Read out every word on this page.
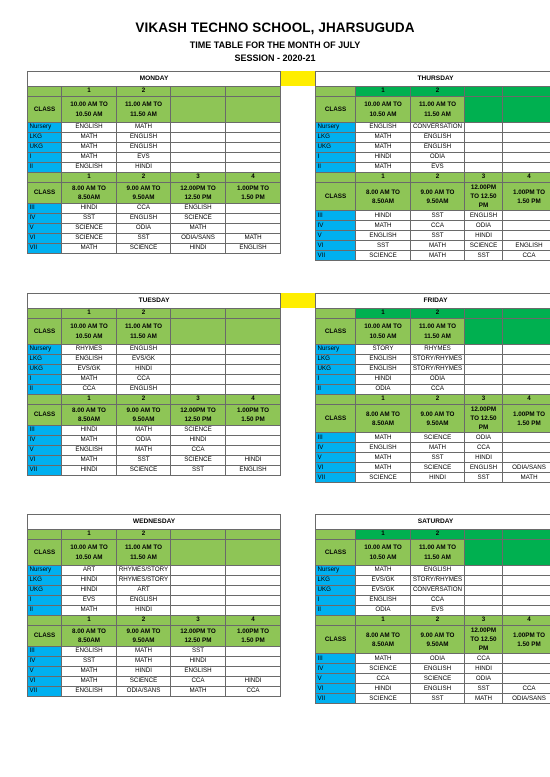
VIKASH TECHNO SCHOOL, JHARSUGUDA
TIME TABLE FOR THE MONTH OF JULY
SESSION - 2020-21
MONDAY				
	1	2		
CLASS	10.00 AM TO
10.50 AM	11.00 AM TO
11.50 AM		

Nursery	ENGLISH	MATH		
LKG	MATH	ENGLISH		
UKG	MATH	ENGLISH		
I	MATH	EVS		
II	ENGLISH	HINDI		
	1	2	3	4
CLASS	8.00 AM TO
8.50AM	9.00 AM TO
9.50AM	12.00PM TO
12.50 PM	1.00PM TO
1.50 PM

III	HINDI	CCA	ENGLISH	
IV	SST	ENGLISH	SCIENCE	
V	SCIENCE	ODIA	MATH	
VI	SCIENCE	SST	ODIA/SANS	MATH
VII	MATH	SCIENCE	HINDI	ENGLISH
THURSDAY				
	1	2		
CLASS	10.00 AM TO
10.50 AM	11.00 AM TO
11.50 AM		

Nursery	ENGLISH	CONVERSATION		
LKG	MATH	ENGLISH		
UKG	MATH	ENGLISH		
I	HINDI	ODIA		
II	MATH	EVS		
	1	2	3	4
CLASS	8.00 AM TO
8.50AM	9.00 AM TO
9.50AM	12.00PM
TO 12.50
PM	1.00PM TO
1.50 PM

III	HINDI	SST	ENGLISH	
IV	MATH	CCA	ODIA	
V	ENGLISH	SST	HINDI	
VI	SST	MATH	SCIENCE	ENGLISH
VII	SCIENCE	MATH	SST	CCA
TUESDAY				
	1	2		
CLASS	10.00 AM TO
10.50 AM	11.00 AM TO
11.50 AM		

Nursery	RHYMES	ENGLISH		
LKG	ENGLISH	EVS/GK		
UKG	EVS/GK	HINDI		
I	MATH	CCA		
II	CCA	ENGLISH		
	1	2	3	4
CLASS	8.00 AM TO
8.50AM	9.00 AM TO
9.50AM	12.00PM TO
12.50 PM	1.00PM TO
1.50 PM

III	HINDI	MATH	SCIENCE	
IV	MATH	ODIA	HINDI	
V	ENGLISH	MATH	CCA	
VI	MATH	SST	SCIENCE	HINDI
VII	HINDI	SCIENCE	SST	ENGLISH
FRIDAY				
	1	2		
CLASS	10.00 AM TO
10.50 AM	11.00 AM TO
11.50 AM		

Nursery	STORY	RHYMES		
LKG	ENGLISH	STORY/RHYMES		
UKG	ENGLISH	STORY/RHYMES		
I	HINDI	ODIA		
II	ODIA	CCA		
	1	2	3	4
CLASS	8.00 AM TO
8.50AM	9.00 AM TO
9.50AM	12.00PM
TO 12.50
PM	1.00PM TO
1.50 PM

III	MATH	SCIENCE	ODIA	
IV	ENGLISH	MATH	CCA	
V	MATH	SST	HINDI	
VI	MATH	SCIENCE	ENGLISH	ODIA/SANS
VII	SCIENCE	HINDI	SST	MATH
WEDNESDAY				
	1	2		
CLASS	10.00 AM TO
10.50 AM	11.00 AM TO
11.50 AM		

Nursery	ART	RHYMES/STORY		
LKG	HINDI	RHYMES/STORY		
UKG	HINDI	ART		
I	EVS	ENGLISH		
II	MATH	HINDI		
	1	2	3	4
CLASS	8.00 AM TO
8.50AM	9.00 AM TO
9.50AM	12.00PM TO
12.50 PM	1.00PM TO
1.50 PM

III	ENGLISH	MATH	SST	
IV	SST	MATH	HINDI	
V	MATH	HINDI	ENGLISH	
VI	MATH	SCIENCE	CCA	HINDI
VII	ENGLISH	ODIA/SANS	MATH	CCA
SATURDAY				
	1	2		
CLASS	10.00 AM TO
10.50 AM	11.00 AM TO
11.50 AM		

Nursery	MATH	ENGLISH		
LKG	EVS/GK	STORY/RHYMES		
UKG	EVS/GK	CONVERSATION		
I	ENGLISH	CCA		
II	ODIA	EVS		
	1	2	3	4
CLASS	8.00 AM TO
8.50AM	9.00 AM TO
9.50AM	12.00PM
TO 12.50
PM	1.00PM TO
1.50 PM

III	MATH	ODIA	CCA	
IV	SCIENCE	ENGLISH	HINDI	
V	CCA	SCIENCE	ODIA	
VI	HINDI	ENGLISH	SST	CCA
VII	SCIENCE	SST	MATH	ODIA/SANS
